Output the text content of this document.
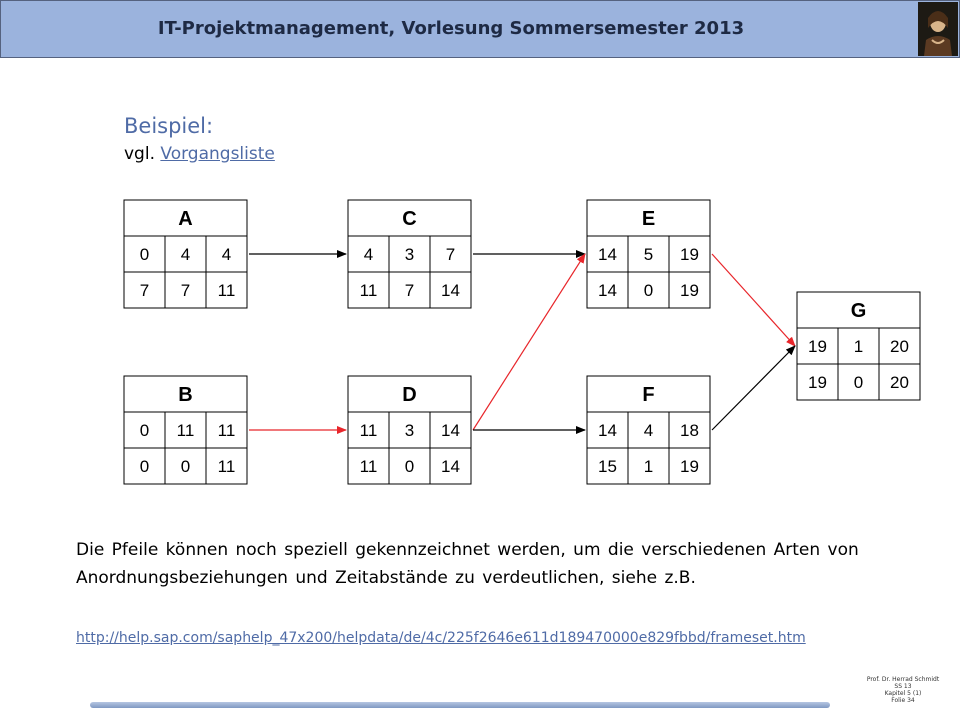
IT-Projektmanagement, Vorlesung Sommersemester 2013
Beispiel:
vgl. Vorgangsliste
A
0 4 4
7 7 11
B
0 11 11
0 0 11
C
4 3 7
11 7 14
D
11 3 14
11 0 14
E
14 5 19
14 0 19
F
14 4 18
15 1 19
G
19 1 20
19 0 20
Die Pfeile können noch speziell gekennzeichnet werden, um die verschiedenen Arten von Anordnungsbeziehungen und Zeitabstände zu verdeutlichen, siehe z.B.
http://help.sap.com/saphelp_47x200/helpdata/de/4c/225f2646e611d189470000e829fbbd/frameset.htm
Prof. Dr. Herrad Schmidt
SS 13
Kapitel 5 (1)
Folie 34
